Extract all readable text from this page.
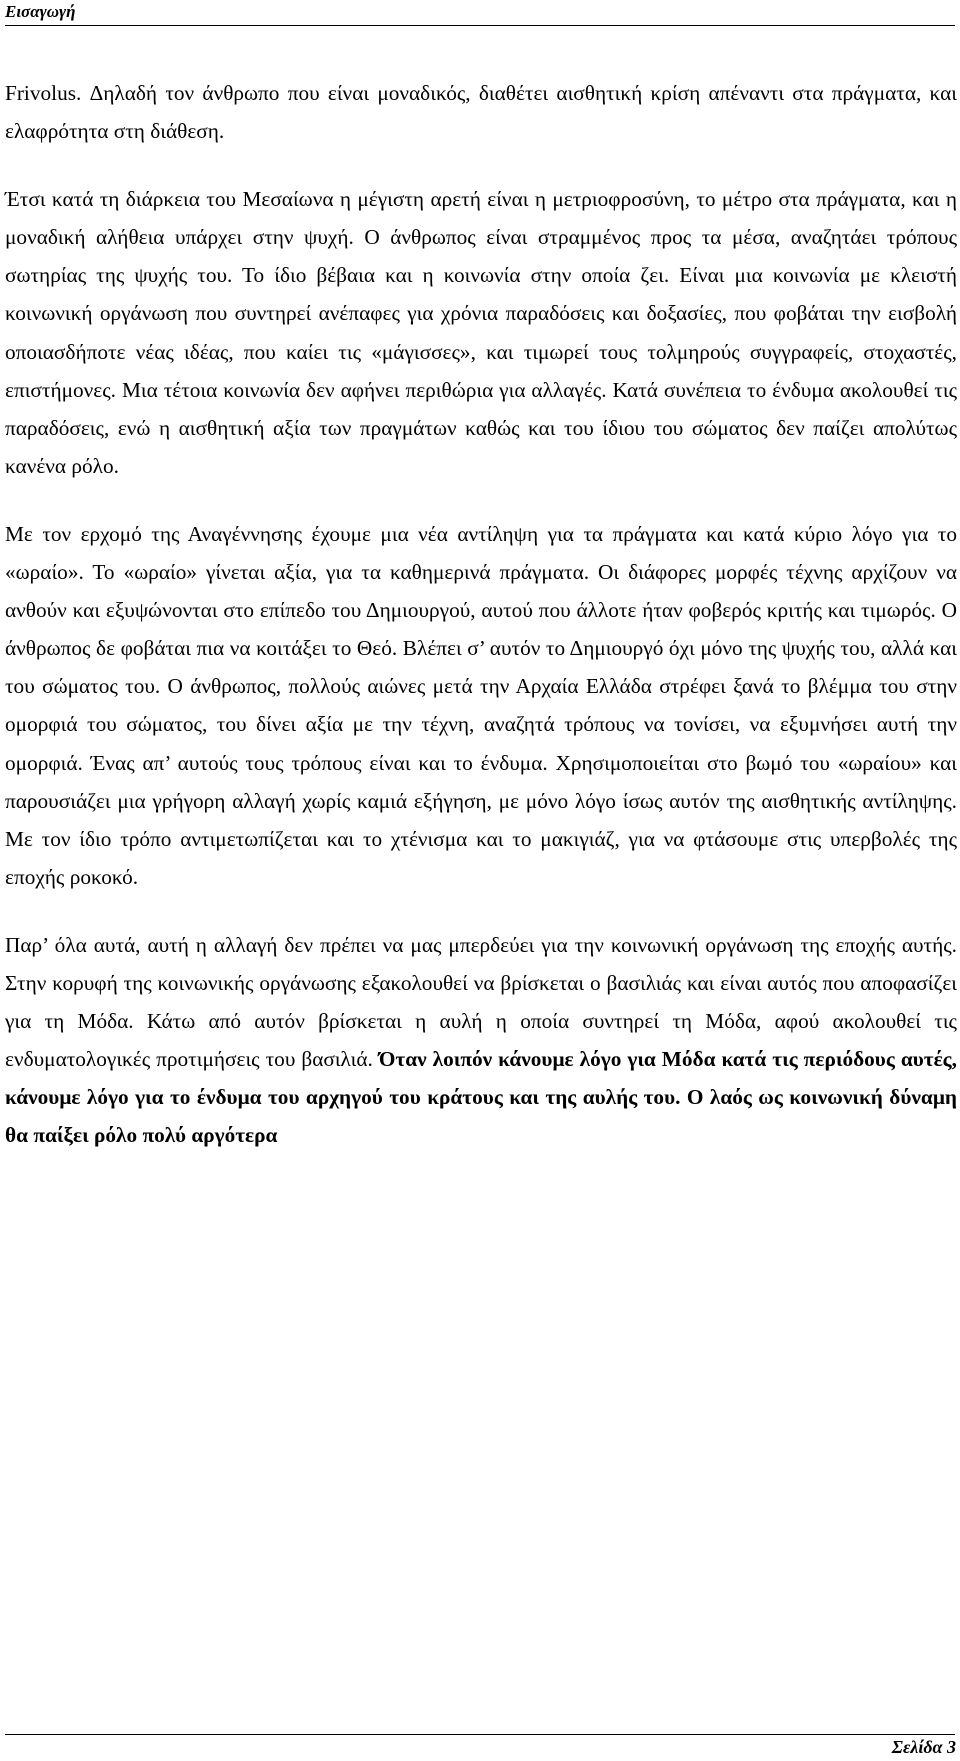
Εισαγωγή

Frivolus. Δηλαδή τον άνθρωπο που είναι μοναδικός, διαθέτει αισθητική κρίση απέναντι στα πράγματα, και ελαφρότητα στη διάθεση.

Έτσι κατά τη διάρκεια του Μεσαίωνα η μέγιστη αρετή είναι η μετριοφροσύνη, το μέτρο στα πράγματα, και η μοναδική αλήθεια υπάρχει στην ψυχή. Ο άνθρωπος είναι στραμμένος προς τα μέσα, αναζητάει τρόπους σωτηρίας της ψυχής του. Το ίδιο βέβαια και η κοινωνία στην οποία ζει. Είναι μια κοινωνία με κλειστή κοινωνική οργάνωση που συντηρεί ανέπαφες για χρόνια παραδόσεις και δοξασίες, που φοβάται την εισβολή οποιασδήποτε νέας ιδέας, που καίει τις «μάγισσες», και τιμωρεί τους τολμηρούς συγγραφείς, στοχαστές, επιστήμονες. Μια τέτοια κοινωνία δεν αφήνει περιθώρια για αλλαγές. Κατά συνέπεια το ένδυμα ακολουθεί τις παραδόσεις, ενώ η αισθητική αξία των πραγμάτων καθώς και του ίδιου του σώματος δεν παίζει απολύτως κανένα ρόλο.

Με τον ερχομό της Αναγέννησης έχουμε μια νέα αντίληψη για τα πράγματα και κατά κύριο λόγο για το «ωραίο». Το «ωραίο» γίνεται αξία, για τα καθημερινά πράγματα. Οι διάφορες μορφές τέχνης αρχίζουν να ανθούν και εξυψώνονται στο επίπεδο του Δημιουργού, αυτού που άλλοτε ήταν φοβερός κριτής και τιμωρός. Ο άνθρωπος δε φοβάται πια να κοιτάξει το Θεό. Βλέπει σ’ αυτόν το Δημιουργό όχι μόνο της ψυχής του, αλλά και του σώματος του. Ο άνθρωπος, πολλούς αιώνες μετά την Αρχαία Ελλάδα στρέφει ξανά το βλέμμα του στην ομορφιά του σώματος, του δίνει αξία με την τέχνη, αναζητά τρόπους να τονίσει, να εξυμνήσει αυτή την ομορφιά. Ένας απ’ αυτούς τους τρόπους είναι και το ένδυμα. Χρησιμοποιείται στο βωμό του «ωραίου» και παρουσιάζει μια γρήγορη αλλαγή χωρίς καμιά εξήγηση, με μόνο λόγο ίσως αυτόν της αισθητικής αντίληψης. Με τον ίδιο τρόπο αντιμετωπίζεται και το χτένισμα και το μακιγιάζ, για να φτάσουμε στις υπερβολές της εποχής ροκοκό.

Παρ’ όλα αυτά, αυτή η αλλαγή δεν πρέπει να μας μπερδεύει για την κοινωνική οργάνωση της εποχής αυτής. Στην κορυφή της κοινωνικής οργάνωσης εξακολουθεί να βρίσκεται ο βασιλιάς και είναι αυτός που αποφασίζει για τη Μόδα. Κάτω από αυτόν βρίσκεται η αυλή η οποία συντηρεί τη Μόδα, αφού ακολουθεί τις ενδυματολογικές προτιμήσεις του βασιλιά. Όταν λοιπόν κάνουμε λόγο για Μόδα κατά τις περιόδους αυτές, κάνουμε λόγο για το ένδυμα του αρχηγού του κράτους και της αυλής του. Ο λαός ως κοινωνική δύναμη θα παίξει ρόλο πολύ αργότερα

Σελίδα 3
